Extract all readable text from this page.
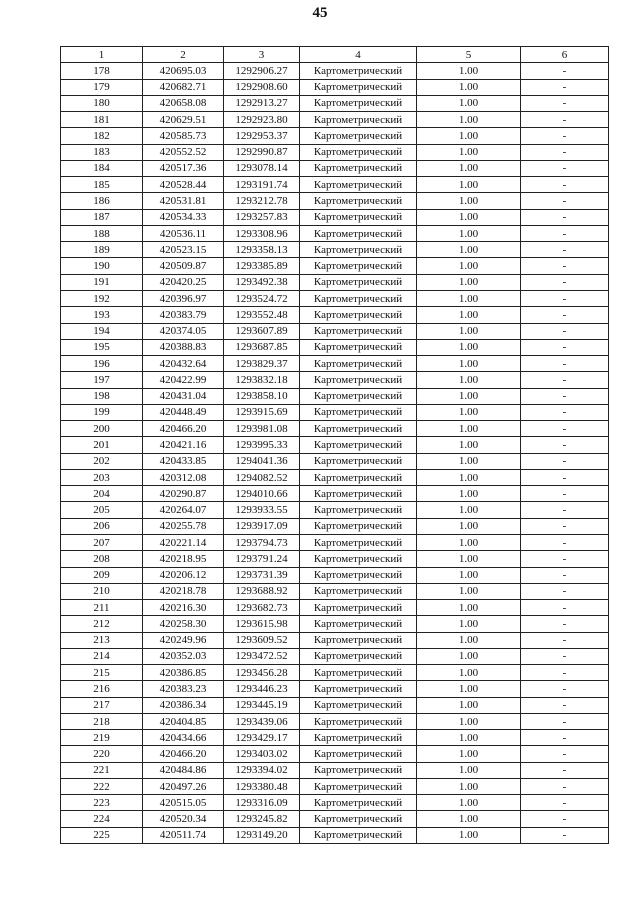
45
1	2	3	4	5	6
178	420695.03	1292906.27	Картометрический	1.00	-
179	420682.71	1292908.60	Картометрический	1.00	-
180	420658.08	1292913.27	Картометрический	1.00	-
181	420629.51	1292923.80	Картометрический	1.00	-
182	420585.73	1292953.37	Картометрический	1.00	-
183	420552.52	1292990.87	Картометрический	1.00	-
184	420517.36	1293078.14	Картометрический	1.00	-
185	420528.44	1293191.74	Картометрический	1.00	-
186	420531.81	1293212.78	Картометрический	1.00	-
187	420534.33	1293257.83	Картометрический	1.00	-
188	420536.11	1293308.96	Картометрический	1.00	-
189	420523.15	1293358.13	Картометрический	1.00	-
190	420509.87	1293385.89	Картометрический	1.00	-
191	420420.25	1293492.38	Картометрический	1.00	-
192	420396.97	1293524.72	Картометрический	1.00	-
193	420383.79	1293552.48	Картометрический	1.00	-
194	420374.05	1293607.89	Картометрический	1.00	-
195	420388.83	1293687.85	Картометрический	1.00	-
196	420432.64	1293829.37	Картометрический	1.00	-
197	420422.99	1293832.18	Картометрический	1.00	-
198	420431.04	1293858.10	Картометрический	1.00	-
199	420448.49	1293915.69	Картометрический	1.00	-
200	420466.20	1293981.08	Картометрический	1.00	-
201	420421.16	1293995.33	Картометрический	1.00	-
202	420433.85	1294041.36	Картометрический	1.00	-
203	420312.08	1294082.52	Картометрический	1.00	-
204	420290.87	1294010.66	Картометрический	1.00	-
205	420264.07	1293933.55	Картометрический	1.00	-
206	420255.78	1293917.09	Картометрический	1.00	-
207	420221.14	1293794.73	Картометрический	1.00	-
208	420218.95	1293791.24	Картометрический	1.00	-
209	420206.12	1293731.39	Картометрический	1.00	-
210	420218.78	1293688.92	Картометрический	1.00	-
211	420216.30	1293682.73	Картометрический	1.00	-
212	420258.30	1293615.98	Картометрический	1.00	-
213	420249.96	1293609.52	Картометрический	1.00	-
214	420352.03	1293472.52	Картометрический	1.00	-
215	420386.85	1293456.28	Картометрический	1.00	-
216	420383.23	1293446.23	Картометрический	1.00	-
217	420386.34	1293445.19	Картометрический	1.00	-
218	420404.85	1293439.06	Картометрический	1.00	-
219	420434.66	1293429.17	Картометрический	1.00	-
220	420466.20	1293403.02	Картометрический	1.00	-
221	420484.86	1293394.02	Картометрический	1.00	-
222	420497.26	1293380.48	Картометрический	1.00	-
223	420515.05	1293316.09	Картометрический	1.00	-
224	420520.34	1293245.82	Картометрический	1.00	-
225	420511.74	1293149.20	Картометрический	1.00	-
